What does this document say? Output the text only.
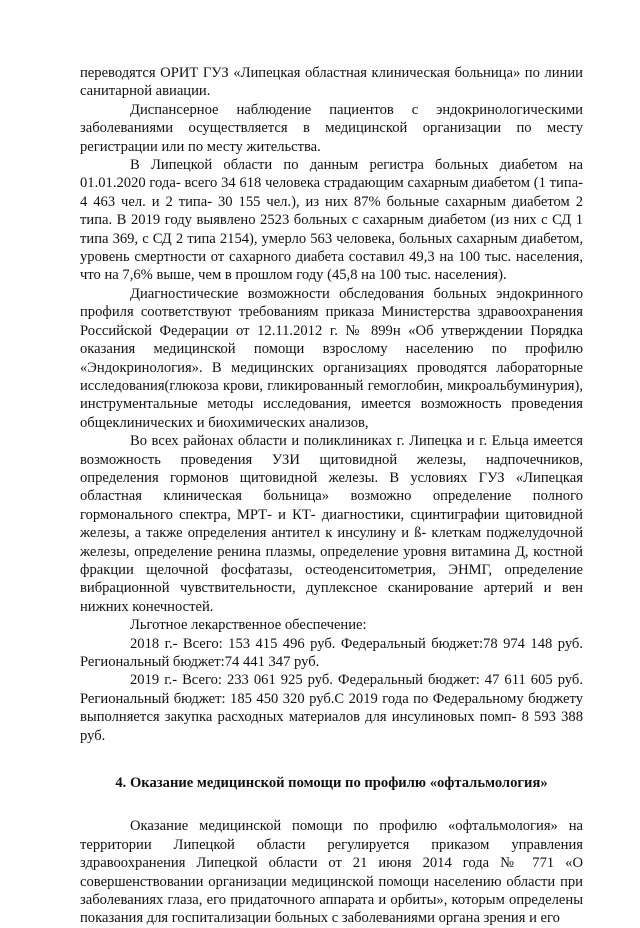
переводятся ОРИТ ГУЗ «Липецкая областная клиническая больница» по линии санитарной авиации.

Диспансерное наблюдение пациентов с эндокринологическими заболеваниями осуществляется в медицинской организации по месту регистрации или по месту жительства.

В Липецкой области по данным регистра больных диабетом на 01.01.2020 года- всего 34 618 человека страдающим сахарным диабетом (1 типа- 4 463 чел. и 2 типа- 30 155 чел.), из них 87% больные сахарным диабетом 2 типа. В 2019 году выявлено 2523 больных с сахарным диабетом (из них с СД 1 типа 369, с СД 2 типа 2154), умерло 563 человека, больных сахарным диабетом, уровень смертности от сахарного диабета составил 49,3 на 100 тыс. населения, что на 7,6% выше, чем в прошлом году (45,8 на 100 тыс. населения).

Диагностические возможности обследования больных эндокринного профиля соответствуют требованиям приказа Министерства здравоохранения Российской Федерации от 12.11.2012 г. № 899н «Об утверждении Порядка оказания медицинской помощи взрослому населению по профилю «Эндокринология». В медицинских организациях проводятся лабораторные исследования(глюкоза крови, гликированный гемоглобин, микроальбуминурия), инструментальные методы исследования, имеется возможность проведения общеклинических и биохимических анализов,

Во всех районах области и поликлиниках г. Липецка и г. Ельца имеется возможность проведения УЗИ щитовидной железы, надпочечников, определения гормонов щитовидной железы. В условиях ГУЗ «Липецкая областная клиническая больница» возможно определение полного гормонального спектра, МРТ- и КТ- диагностики, сцинтиграфии щитовидной железы, а также определения антител к инсулину и ß- клеткам поджелудочной железы, определение ренина плазмы, определение уровня витамина Д, костной фракции щелочной фосфатазы, остеоденситометрия, ЭНМГ, определение вибрационной чувствительности, дуплексное сканирование артерий и вен нижних конечностей.

Льготное лекарственное обеспечение:

2018 г.- Всего: 153 415 496 руб. Федеральный бюджет:78 974 148 руб. Региональный бюджет:74 441 347 руб.

2019 г.- Всего: 233 061 925 руб. Федеральный бюджет: 47 611 605 руб. Региональный бюджет: 185 450 320 руб.С 2019 года по Федеральному бюджету выполняется закупка расходных материалов для инсулиновых помп- 8 593 388 руб.

4. Оказание медицинской помощи по профилю «офтальмология»

Оказание медицинской помощи по профилю «офтальмология» на территории Липецкой области регулируется приказом управления здравоохранения Липецкой области от 21 июня 2014 года № 771 «О совершенствовании организации медицинской помощи населению области при заболеваниях глаза, его придаточного аппарата и орбиты», которым определены показания для госпитализации больных с заболеваниями органа зрения и его
